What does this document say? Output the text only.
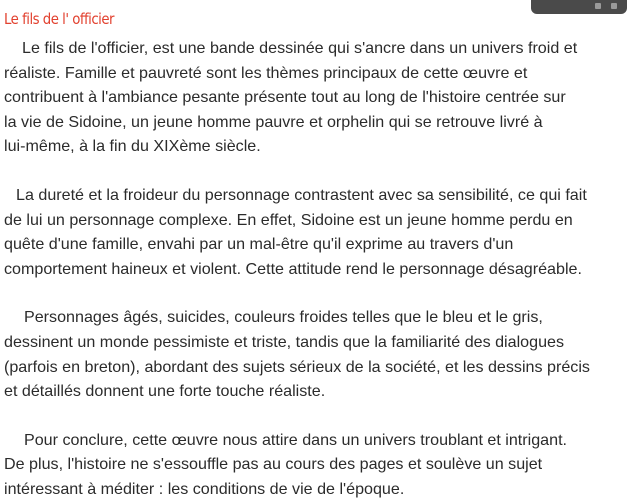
Le fils de l' officier

Le fils de l'officier, est une bande dessinée qui s'ancre dans un univers froid et
réaliste. Famille et pauvreté sont les thèmes principaux de cette œuvre et
contribuent à l'ambiance pesante présente tout au long de l'histoire centrée sur
la vie de Sidoine, un jeune homme pauvre et orphelin qui se retrouve livré à
lui-même, à la fin du XIXème siècle.

La dureté et la froideur du personnage contrastent avec sa sensibilité, ce qui fait
de lui un personnage complexe. En effet, Sidoine est un jeune homme perdu en
quête d'une famille, envahi par un mal-être qu'il exprime au travers d'un
comportement haineux et violent. Cette attitude rend le personnage désagréable.

Personnages âgés, suicides, couleurs froides telles que le bleu et le gris,
dessinent un monde pessimiste et triste, tandis que la familiarité des dialogues
(parfois en breton), abordant des sujets sérieux de la société, et les dessins précis
et détaillés donnent une forte touche réaliste.

Pour conclure, cette œuvre nous attire dans un univers troublant et intrigant.
De plus, l'histoire ne s'essouffle pas au cours des pages et soulève un sujet
intéressant à méditer : les conditions de vie de l'époque.
